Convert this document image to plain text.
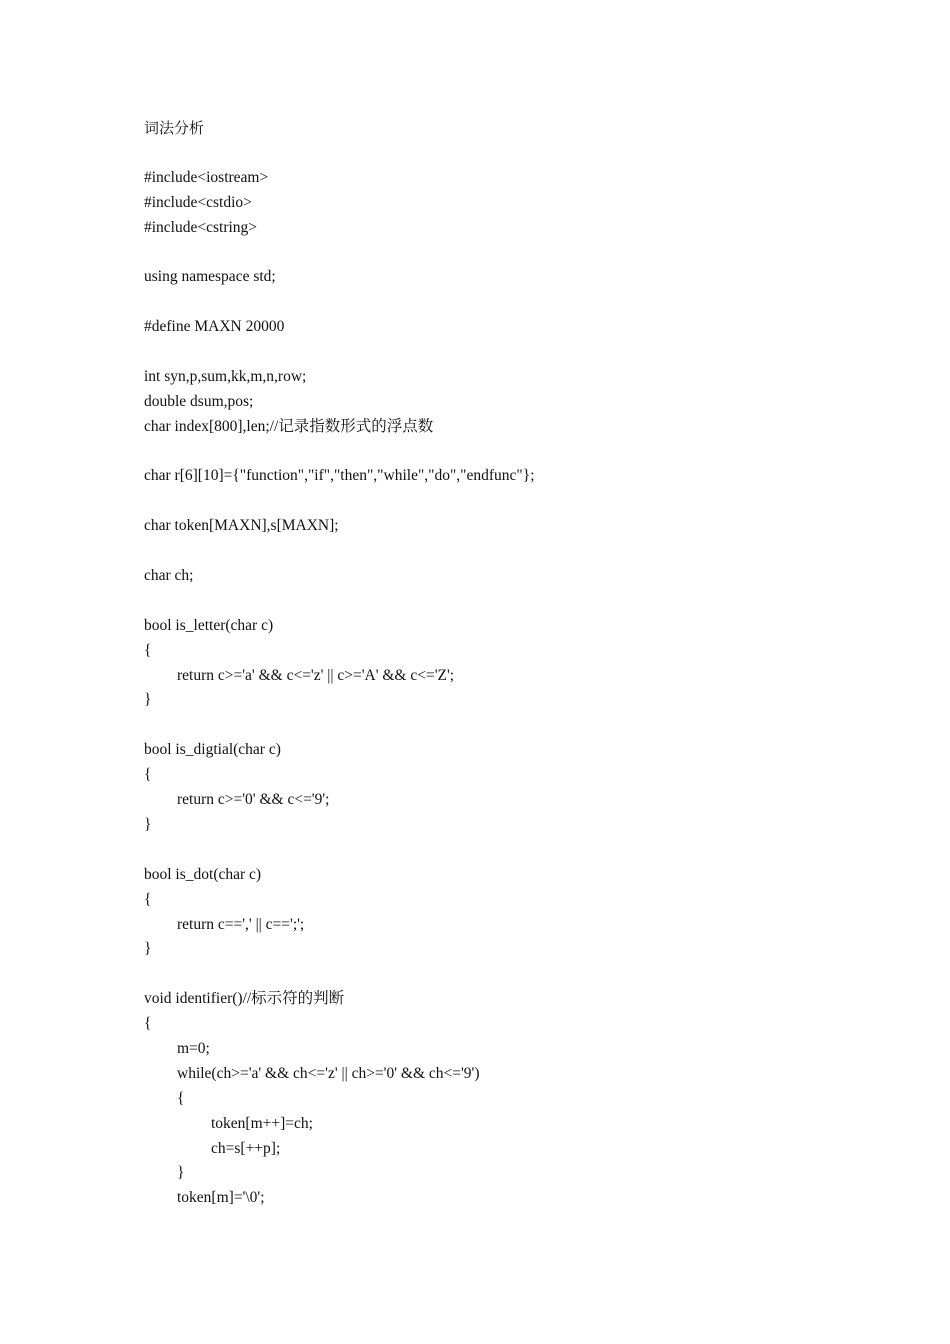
词法分析
#include<iostream>
#include<cstdio>
#include<cstring>
using namespace std;
#define MAXN 20000
int syn,p,sum,kk,m,n,row;
double dsum,pos;
char index[800],len;//记录指数形式的浮点数
char r[6][10]={"function","if","then","while","do","endfunc"};
char token[MAXN],s[MAXN];
char ch;
bool is_letter(char c)
{
return c>='a' && c<='z' || c>='A' && c<='Z';
}
bool is_digtial(char c)
{
return c>='0' && c<='9';
}
bool is_dot(char c)
{
return c==',' || c==';';
}
void identifier()//标示符的判断
{
m=0;
while(ch>='a' && ch<='z' || ch>='0' && ch<='9')
{
token[m++]=ch;
ch=s[++p];
}
token[m]='\0';
